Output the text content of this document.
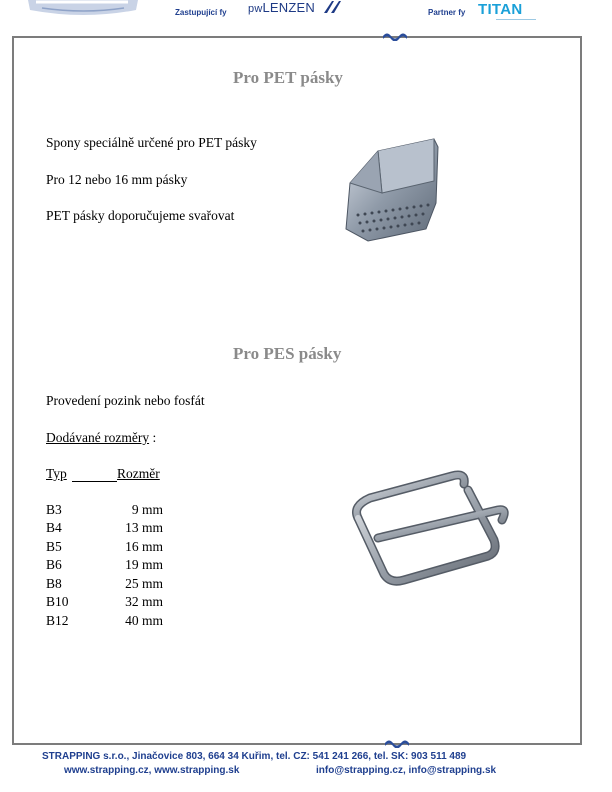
Zastupující fy pwLENZEN	Partner fy TITAN
Pro PET pásky
Spony speciálně určené pro PET pásky
Pro 12 nebo 16 mm pásky
PET pásky doporučujeme svařovat
Pro PES pásky
Provedení pozink nebo fosfát
Dodávané rozměry :
Typ	Rozměr
B3	9 mm
B4	13 mm
B5	16 mm
B6	19 mm
B8	25 mm
B10	32 mm
B12	40 mm
STRAPPING s.r.o., Jinačovice 803, 664 34 Kuřim, tel. CZ: 541 241 266, tel. SK: 903 511 489
www.strapping.cz, www.strapping.sk	info@strapping.cz, info@strapping.sk
